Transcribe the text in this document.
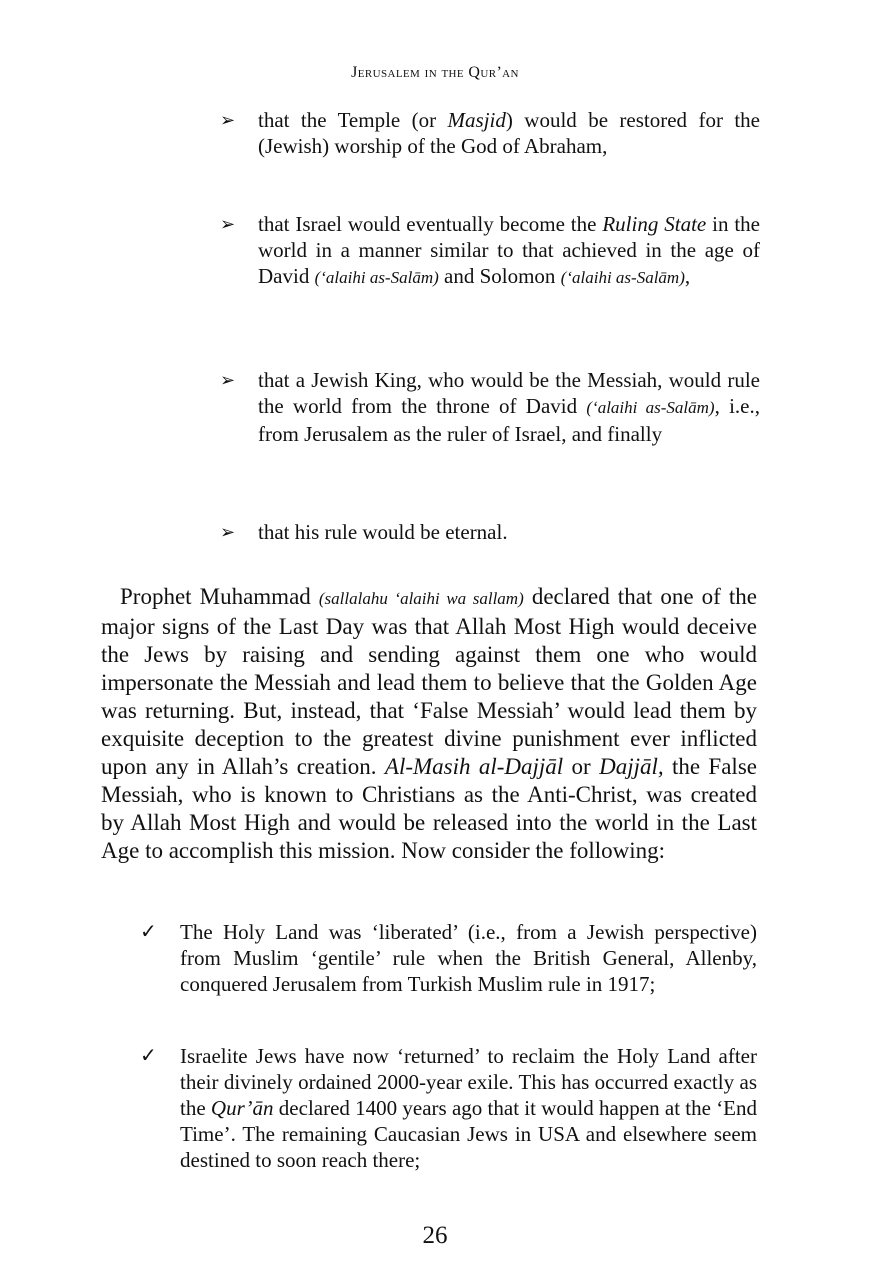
Jerusalem in the Qur’an
➢ that the Temple (or Masjid) would be restored for the (Jewish) worship of the God of Abraham,
➢ that Israel would eventually become the Ruling State in the world in a manner similar to that achieved in the age of David (‘alaihi as-Salām) and Solomon (‘alaihi as-Salām),
➢ that a Jewish King, who would be the Messiah, would rule the world from the throne of David (‘alaihi as-Salām), i.e., from Jerusalem as the ruler of Israel, and finally
➢ that his rule would be eternal.
Prophet Muhammad (sallalahu ‘alaihi wa sallam) declared that one of the major signs of the Last Day was that Allah Most High would deceive the Jews by raising and sending against them one who would impersonate the Messiah and lead them to believe that the Golden Age was returning. But, instead, that ‘False Messiah’ would lead them by exquisite deception to the greatest divine punishment ever inflicted upon any in Allah’s creation. Al-Masih al-Dajjāl or Dajjāl, the False Messiah, who is known to Christians as the Anti-Christ, was created by Allah Most High and would be released into the world in the Last Age to accomplish this mission. Now consider the following:
✓ The Holy Land was ‘liberated’ (i.e., from a Jewish perspective) from Muslim ‘gentile’ rule when the British General, Allenby, conquered Jerusalem from Turkish Muslim rule in 1917;
✓ Israelite Jews have now ‘returned’ to reclaim the Holy Land after their divinely ordained 2000-year exile. This has occurred exactly as the Qur’ān declared 1400 years ago that it would happen at the ‘End Time’. The remaining Caucasian Jews in USA and elsewhere seem destined to soon reach there;
26
